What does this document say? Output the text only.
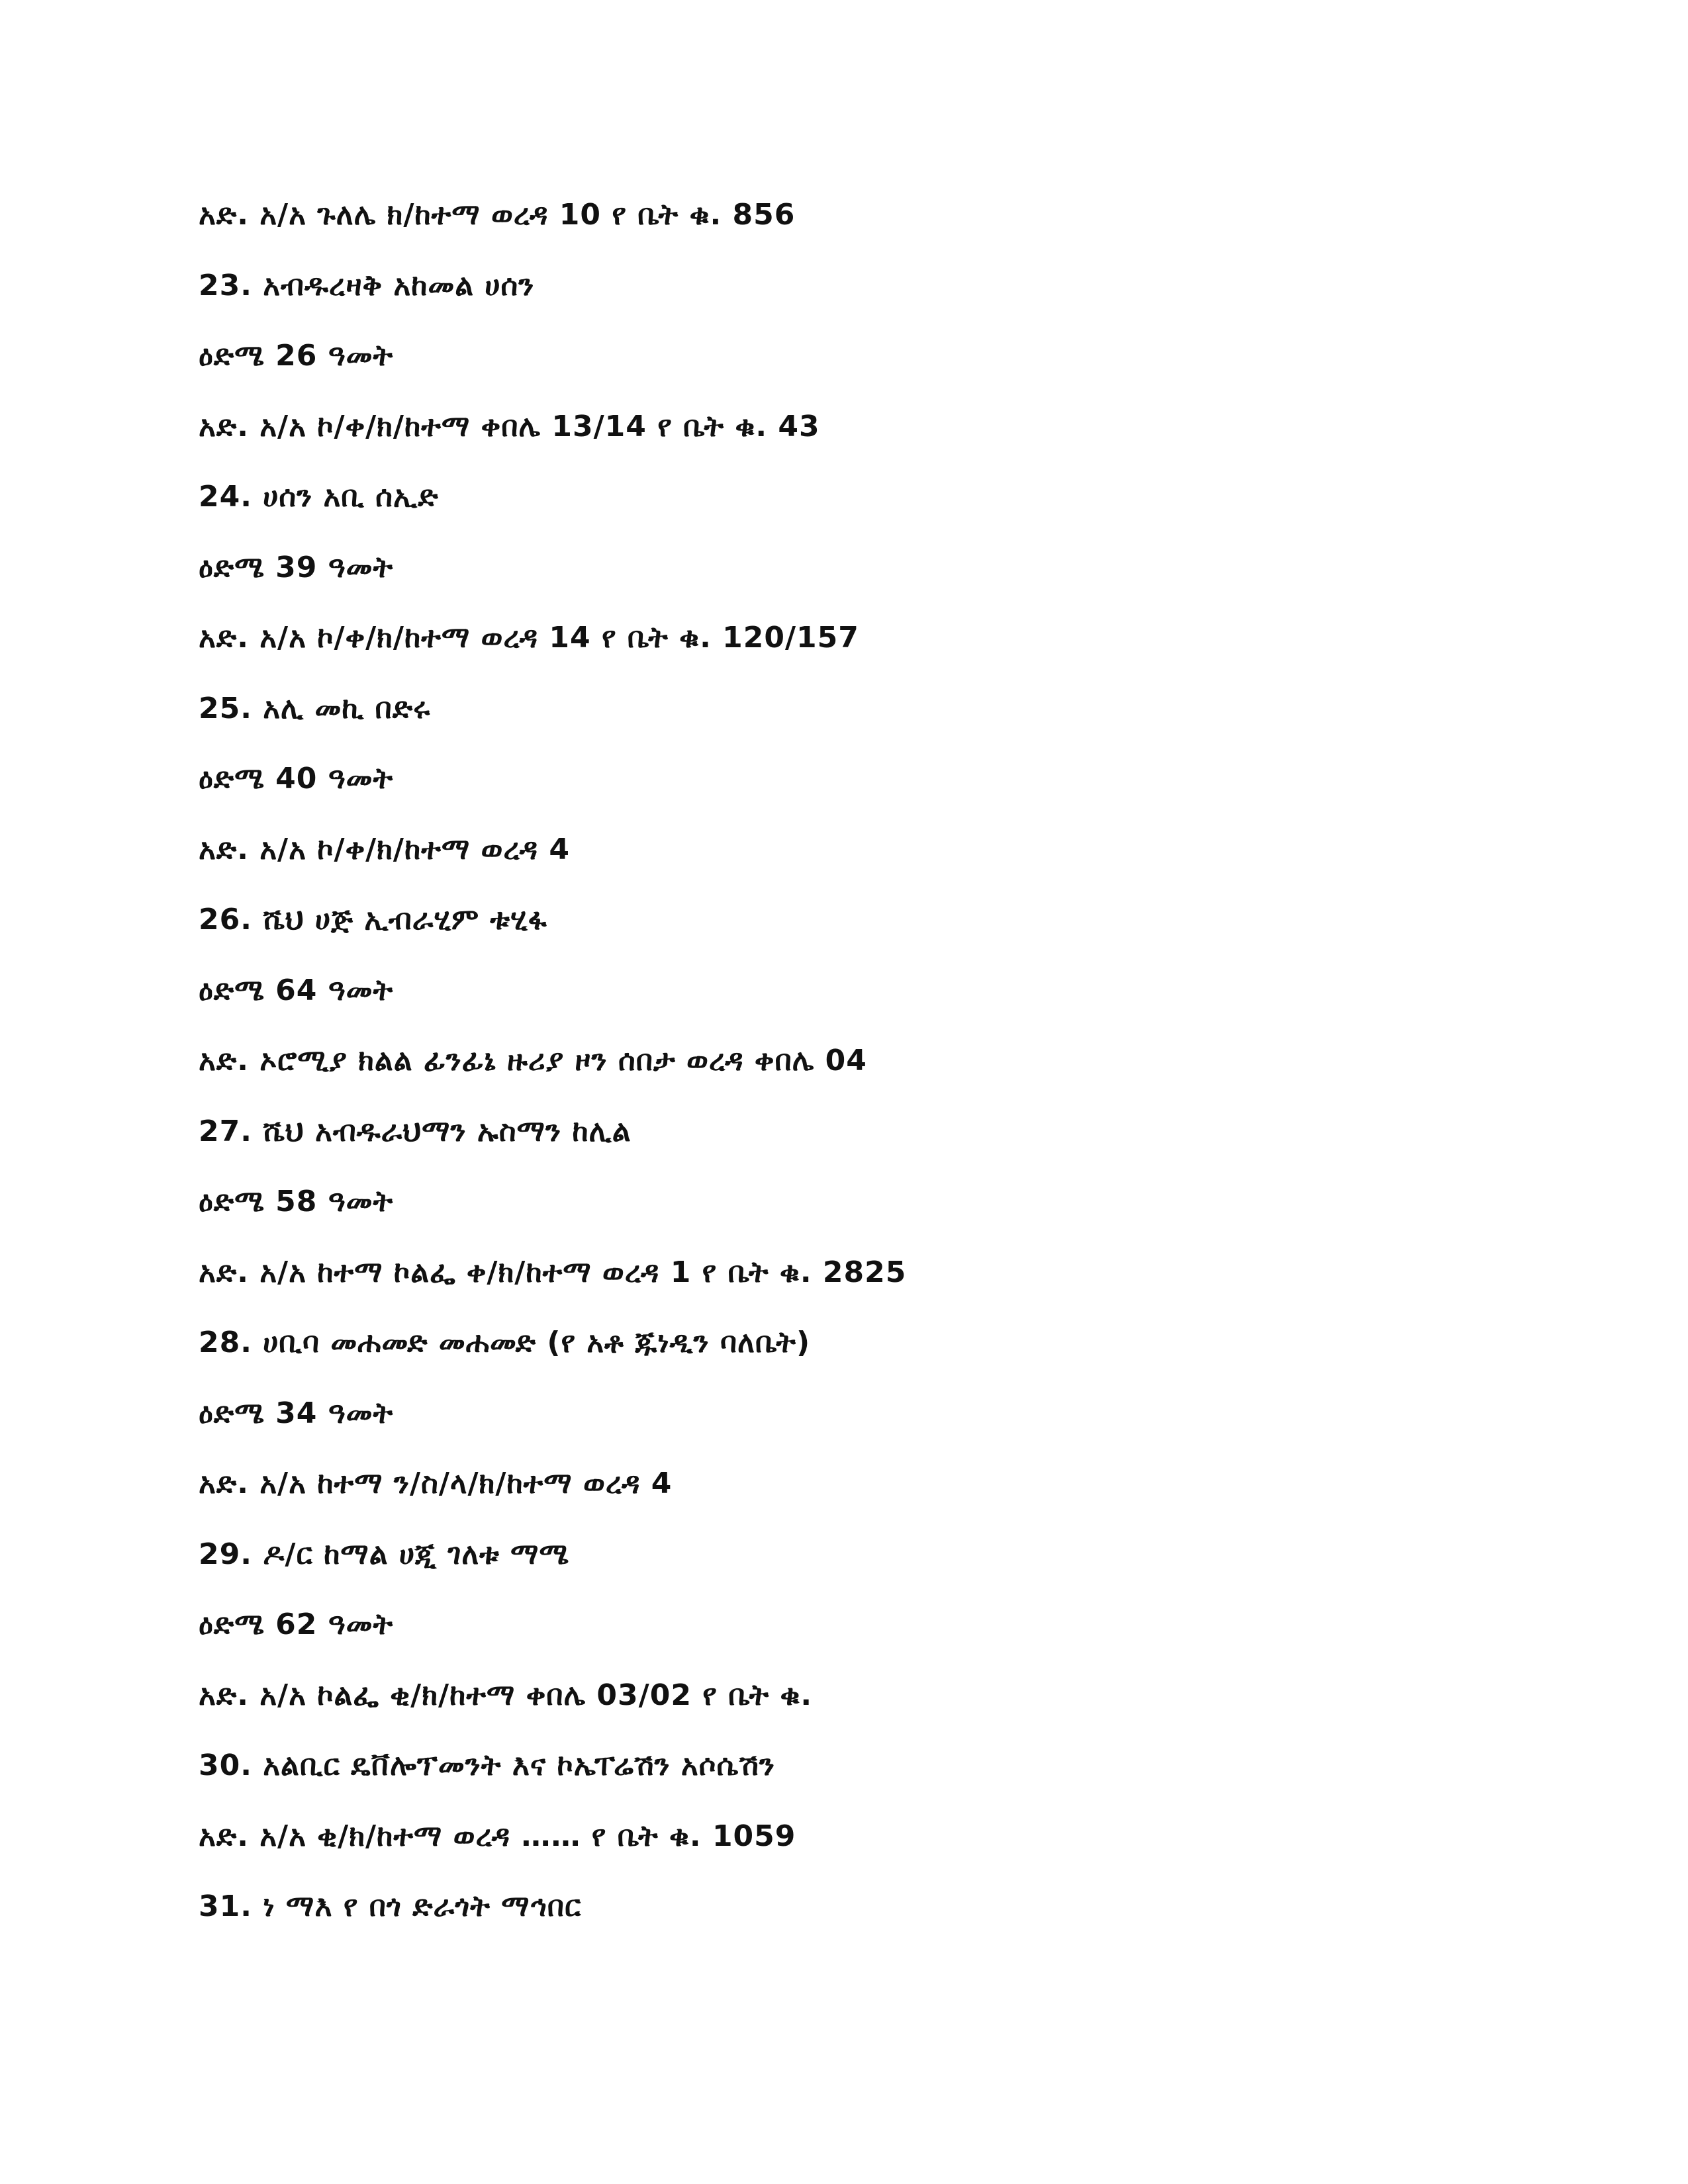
አድ. አ/አ ጉለሌ ክ/ከተማ ወረዳ 10 የ ቤት ቁ. 856
23. አብዱረዛቅ አከመል ሀሰን
ዕድሜ 26 ዓመት
አድ. አ/አ ኮ/ቀ/ክ/ከተማ ቀበሌ 13/14 የ ቤት ቁ. 43
24. ሀሰን አቢ ሰኢድ
ዕድሜ 39 ዓመት
አድ. አ/አ ኮ/ቀ/ክ/ከተማ ወረዳ 14 የ ቤት ቁ. 120/157
25. አሊ መኪ በድሩ
ዕድሜ 40 ዓመት
አድ. አ/አ ኮ/ቀ/ክ/ከተማ ወረዳ 4
26. ሼህ ሀጅ ኢብራሂም ቱሂፋ
ዕድሜ 64 ዓመት
አድ. ኦሮሚያ ክልል ፊንፊኔ ዙሪያ ዞን ሰበታ ወረዳ ቀበሌ 04
27. ሼህ አብዱራህማን ኡስማን ከሊል
ዕድሜ 58 ዓመት
አድ. አ/አ ከተማ ኮልፌ ቀ/ክ/ከተማ ወረዳ 1 የ ቤት ቁ. 2825
28. ሀቢባ መሐመድ መሐመድ (የ አቶ ጁነዲን ባለቤት)
ዕድሜ 34 ዓመት
አድ. አ/አ ከተማ ን/ስ/ላ/ክ/ከተማ ወረዳ 4
29. ዶ/ር ከማል ሀጂ ገለቱ ማሜ
ዕድሜ 62 ዓመት
አድ. አ/አ ኮልፌ ቂ/ክ/ከተማ ቀበሌ 03/02 የ ቤት ቁ.
30. አልቢር ዴቨሎፕመንት እና ኮኤፐሬሽን አሶሴሽን
አድ. አ/አ ቂ/ክ/ከተማ ወረዳ …… የ ቤት ቁ. 1059
31. ነ ማእ የ በጎ ድራጎት ማኅበር
